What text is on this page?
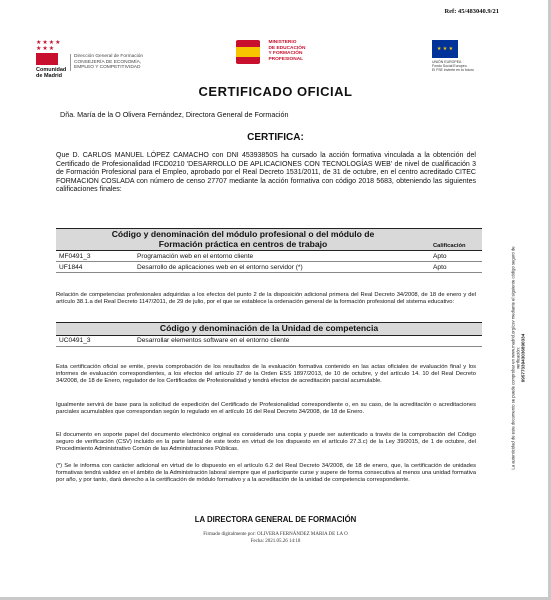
Ref: 45/483040.9/21
★★★★
★★★
Comunidad
de Madrid
Dirección General de Formación
CONSEJERÍA DE ECONOMÍA,
EMPLEO Y COMPETITIVIDAD
MINISTERIO
DE EDUCACIÓN
Y FORMACIÓN PROFESIONAL
★ ★ ★
UNIÓN EUROPEA
Fondo Social Europeo
El FSE invierte en tu futuro
CERTIFICADO OFICIAL
Dña. María de la O Olivera Fernández, Directora General de Formación
CERTIFICA:
Que D. CARLOS MANUEL LÓPEZ CAMACHO con DNI 45393850S ha cursado la acción formativa vinculada a la obtención del Certificado de Profesionalidad IFCD0210 'DESARROLLO DE APLICACIONES CON TECNOLOGÍAS WEB' de nivel de cualificación 3 de Formación Profesional para el Empleo, aprobado por el Real Decreto 1531/2011, de 31 de octubre, en el centro acreditado CITEC FORMACION COSLADA con número de censo 27707 mediante la acción formativa con código 2018 5683, obteniendo las siguientes calificaciones finales:
Código y denominación del módulo profesional o del módulo de
Formación práctica en centros de trabajo		Calificación
MF0491_3	Programación web en el entorno cliente	Apto
UF1844	Desarrollo de aplicaciones web en el entorno servidor (*)	Apto
Relación de competencias profesionales adquiridas a los efectos del punto 2 de la disposición adicional primera del Real Decreto 34/2008, de 18 de enero y del artículo 38.1.a del Real Decreto 1147/2011, de 29 de julio, por el que se establece la ordenación general de la formación profesional del sistema educativo:
Código y denominación de la Unidad de competencia
UC0491_3	Desarrollar elementos software en el entorno cliente
Esta certificación oficial se emite, previa comprobación de los resultados de la evaluación formativa contenido en las actas oficiales de evaluación final y los informes de evaluación correspondientes, a los efectos del artículo 27 de la Orden ESS 1897/2013, de 10 de octubre, y del artículo 14. 10 del Real Decreto 34/2008, de 18 de Enero, regulador de los Certificados de Profesionalidad y tendrá efectos de acreditación parcial acumulable.
Igualmente servirá de base para la solicitud de expedición del Certificado de Profesionalidad correspondiente o, en su caso, de la acreditación o acreditaciones parciales acumulables que correspondan según lo regulado en el artículo 16 del Real Decreto 34/2008, de 18 de Enero.
El documento en soporte papel del documento electrónico original es considerado una copia y puede ser autenticado a través de la comprobación del Código seguro de verificación (CSV) incluido en la parte lateral de este texto en virtud de los dispuesto en el artículo 27.3.c) de la Ley 39/2015, de 1 de octubre, del Procedimiento Administrativo Común de las Administraciones Públicas.
(*) Se le informa con carácter adicional en virtud de lo dispuesto en el artículo 6.2 del Real Decreto 34/2008, de 18 de enero, que, la certificación de unidades formativas tendrá validez en el ámbito de la Administración laboral siempre que el participante curse y supere de forma consecutiva al menos una unidad formativa por año, y por tanto, dará derecho a la certificación de módulo formativo y a la acreditación de la unidad de competencia correspondiente.
La autenticidad de este documento se puede comprobar en www.madrid.org/csv mediante el siguiente código seguro de verificación:
0957733943036890334
LA DIRECTORA GENERAL DE FORMACIÓN
Firmado digitalmente por: OLIVERA FERNÁNDEZ MARIA DE LA O
Fecha: 2021.05.26 14:18
